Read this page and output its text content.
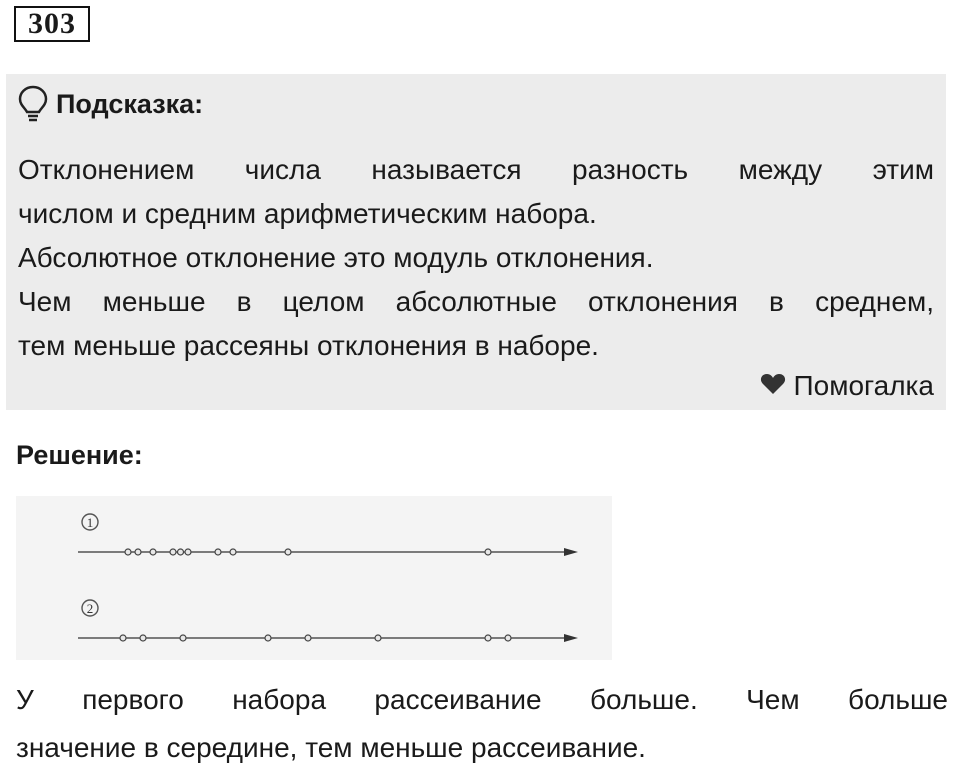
303
Подсказка:

Отклонением числа называется разность между этим

числом и средним арифметическим набора.

Абсолютное отклонение это модуль отклонения.

Чем меньше в целом абсолютные отклонения в среднем,

тем меньше рассеяны отклонения в наборе.

Помогалка
Решение:
1
2

У первого набора рассеивание больше. Чем больше

значение в середине, тем меньше рассеивание.
